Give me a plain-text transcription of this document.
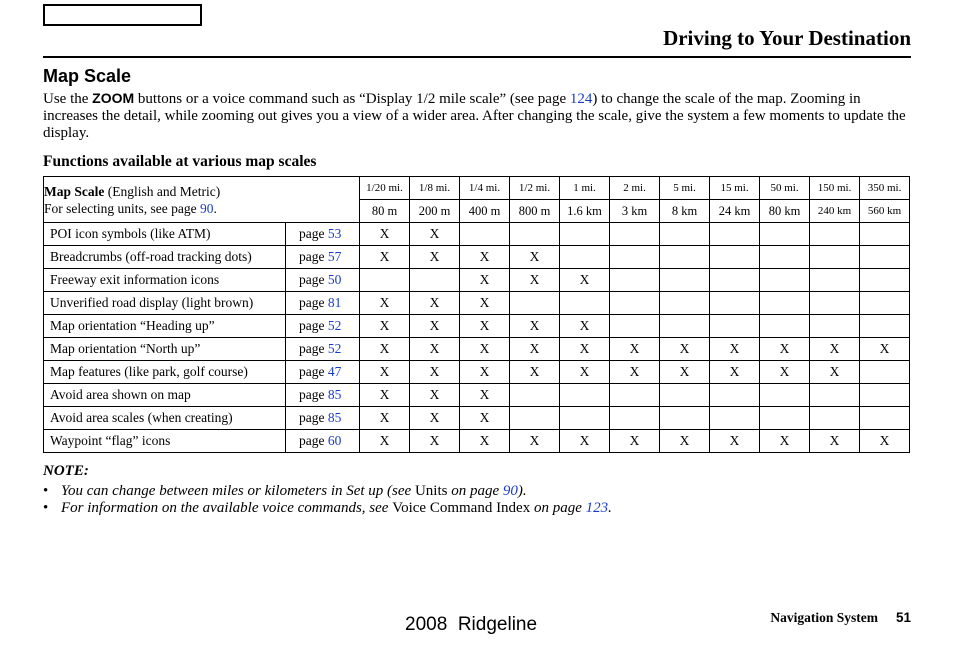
Driving to Your Destination
Map Scale
Use the ZOOM buttons or a voice command such as “Display 1/2 mile scale” (see page 124) to change the scale of the map. Zooming in increases the detail, while zooming out gives you a view of a wider area. After changing the scale, give the system a few moments to update the display.
Functions available at various map scales
Map Scale (English and Metric)
For selecting units, see page 90.		1/20 mi.	1/8 mi.	1/4 mi.	1/2 mi.	1 mi.	2 mi.	5 mi.	15 mi.	50 mi.	150 mi.	350 mi.
		80 m	200 m	400 m	800 m	1.6 km	3 km	8 km	24 km	80 km	240 km	560 km
POI icon symbols (like ATM)	page 53	X	X									
Breadcrumbs (off-road tracking dots)	page 57	X	X	X	X							
Freeway exit information icons	page 50			X	X	X						
Unverified road display (light brown)	page 81	X	X	X								
Map orientation “Heading up”	page 52	X	X	X	X	X						
Map orientation “North up”	page 52	X	X	X	X	X	X	X	X	X	X	X
Map features (like park, golf course)	page 47	X	X	X	X	X	X	X	X	X	X	
Avoid area shown on map	page 85	X	X	X								
Avoid area scales (when creating)	page 85	X	X	X								
Waypoint “flag” icons	page 60	X	X	X	X	X	X	X	X	X	X	X
NOTE:
• You can change between miles or kilometers in Set up (see Units on page 90).
• For information on the available voice commands, see Voice Command Index on page 123.
2008  Ridgeline	Navigation System 51
